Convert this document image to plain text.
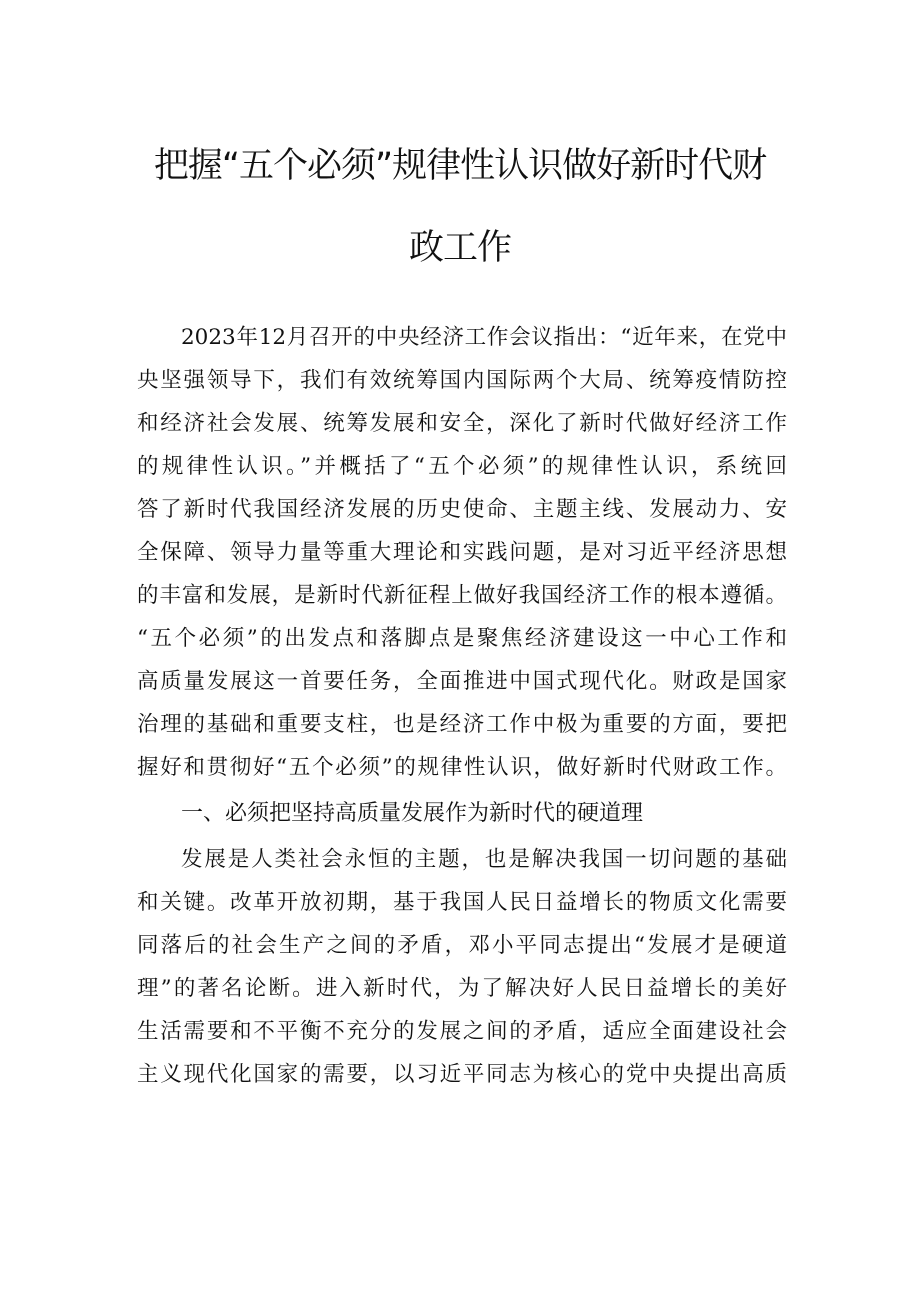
把握“五个必须”规律性认识做好新时代财
政工作
2023年12月召开的中央经济工作会议指出：“近年来，在党中
央坚强领导下，我们有效统筹国内国际两个大局、统筹疫情防控
和经济社会发展、统筹发展和安全，深化了新时代做好经济工作
的规律性认识。”并概括了“五个必须”的规律性认识，系统回
答了新时代我国经济发展的历史使命、主题主线、发展动力、安
全保障、领导力量等重大理论和实践问题，是对习近平经济思想
的丰富和发展，是新时代新征程上做好我国经济工作的根本遵循。
“五个必须”的出发点和落脚点是聚焦经济建设这一中心工作和
高质量发展这一首要任务，全面推进中国式现代化。财政是国家
治理的基础和重要支柱，也是经济工作中极为重要的方面，要把
握好和贯彻好“五个必须”的规律性认识，做好新时代财政工作。
一、必须把坚持高质量发展作为新时代的硬道理
发展是人类社会永恒的主题，也是解决我国一切问题的基础
和关键。改革开放初期，基于我国人民日益增长的物质文化需要
同落后的社会生产之间的矛盾，邓小平同志提出“发展才是硬道
理”的著名论断。进入新时代，为了解决好人民日益增长的美好
生活需要和不平衡不充分的发展之间的矛盾，适应全面建设社会
主义现代化国家的需要，以习近平同志为核心的党中央提出高质
